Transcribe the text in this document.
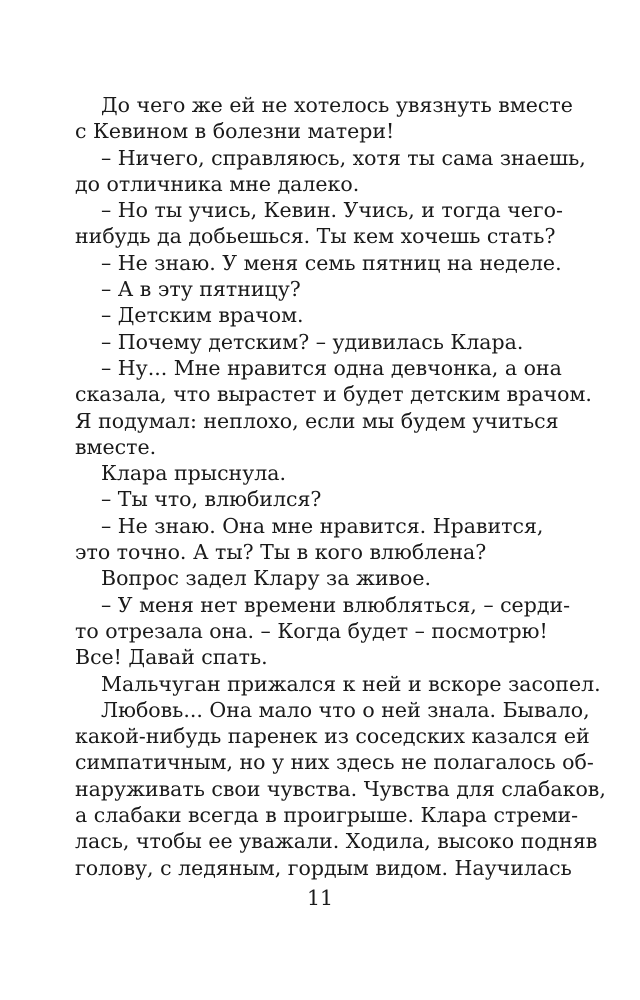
До чего же ей не хотелось увязнуть вместе
с Кевином в болезни матери!
– Ничего, справляюсь, хотя ты сама знаешь,
до отличника мне далеко.
– Но ты учись, Кевин. Учись, и тогда чего-
нибудь да добьешься. Ты кем хочешь стать?
– Не знаю. У меня семь пятниц на неделе.
– А в эту пятницу?
– Детским врачом.
– Почему детским? – удивилась Клара.
– Ну... Мне нравится одна девчонка, а она
сказала, что вырастет и будет детским врачом.
Я подумал: неплохо, если мы будем учиться
вместе.
Клара прыснула.
– Ты что, влюбился?
– Не знаю. Она мне нравится. Нравится,
это точно. А ты? Ты в кого влюблена?
Вопрос задел Клару за живое.
– У меня нет времени влюбляться, – серди-
то отрезала она. – Когда будет – посмотрю!
Все! Давай спать.
Мальчуган прижался к ней и вскоре засопел.
Любовь... Она мало что о ней знала. Бывало,
какой-нибудь паренек из соседских казался ей
симпатичным, но у них здесь не полагалось об-
наруживать свои чувства. Чувства для слабаков,
а слабаки всегда в проигрыше. Клара стреми-
лась, чтобы ее уважали. Ходила, высоко подняв
голову, с ледяным, гордым видом. Научилась
11
